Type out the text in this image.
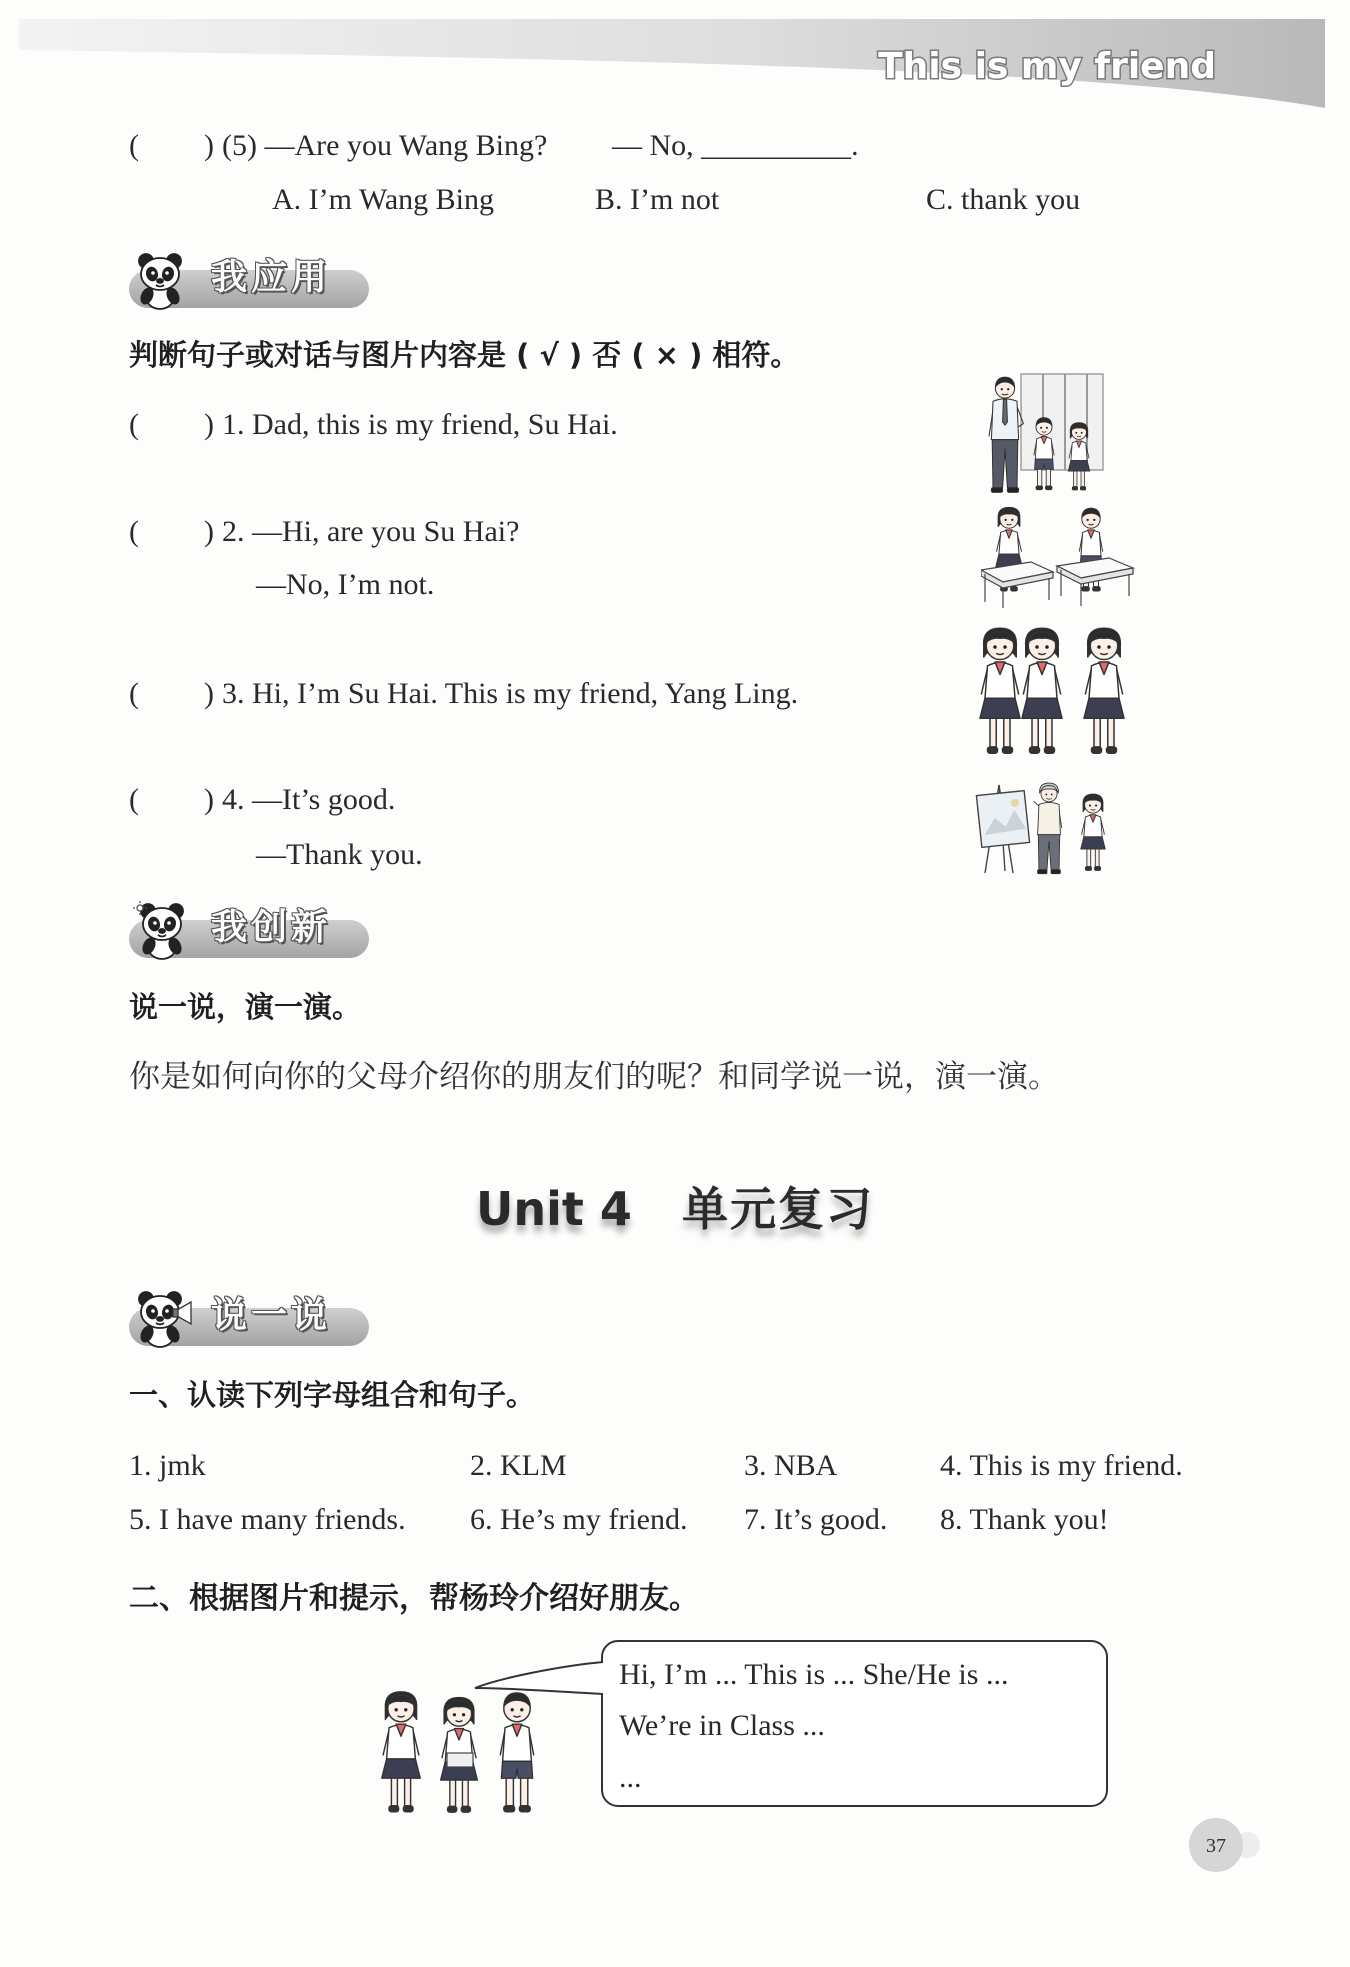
This is my friend
( ) (5) —Are you Wang Bing? — No, __________.
A. I’m Wang Bing	B. I’m not	C. thank you
我应用
判断句子或对话与图片内容是 ( √ ) 否 ( × ) 相符。
( ) 1. Dad, this is my friend, Su Hai.
( ) 2. —Hi, are you Su Hai?
—No, I’m not.
( ) 3. Hi, I’m Su Hai. This is my friend, Yang Ling.
( ) 4. —It’s good.
—Thank you.
我创新
说一说，演一演。
你是如何向你的父母介绍你的朋友们的呢？和同学说一说，演一演。
Unit 4 单元复习
说一说
一、认读下列字母组合和句子。
1. jmk	2. KLM	3. NBA	4. This is my friend.
5. I have many friends. 6. He’s my friend. 7. It’s good. 8. Thank you!
二、根据图片和提示，帮杨玲介绍好朋友。
Hi, I’m ... This is ... She/He is ...
We’re in Class ...
...
37
